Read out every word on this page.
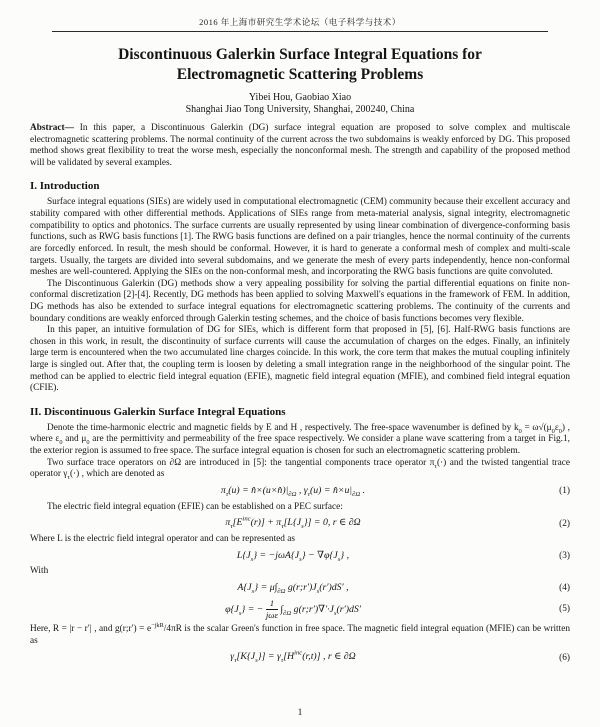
2016 年上海市研究生学术论坛（电子科学与技术）
Discontinuous Galerkin Surface Integral Equations for
Electromagnetic Scattering Problems

Yibei Hou, Gaobiao Xiao

Shanghai Jiao Tong University, Shanghai, 200240, China

Abstract— In this paper, a Discontinuous Galerkin (DG) surface integral equation are proposed to solve complex and multiscale electromagnetic scattering problems. The normal continuity of the current across the two subdomains is weakly enforced by DG. This proposed method shows great flexibility to treat the worse mesh, especially the nonconformal mesh. The strength and capability of the proposed method will be validated by several examples.

I. Introduction

Surface integral equations (SIEs) are widely used in computational electromagnetic (CEM) community because their excellent accuracy and stability compared with other differential methods. Applications of SIEs range from meta-material analysis, signal integrity, electromagnetic compatibility to optics and photonics. The surface currents are usually represented by using linear combination of divergence-conforming basis functions, such as RWG basis functions [1]. The RWG basis functions are defined on a pair triangles, hence the normal continuity of the currents are forcedly enforced. In result, the mesh should be conformal. However, it is hard to generate a conformal mesh of complex and multi-scale targets. Usually, the targets are divided into several subdomains, and we generate the mesh of every parts independently, hence non-conformal meshes are well-countered. Applying the SIEs on the non-conformal mesh, and incorporating the RWG basis functions are quite convoluted.

The Discontinuous Galerkin (DG) methods show a very appealing possibility for solving the partial differential equations on finite non-conformal discretization [2]-[4]. Recently, DG methods has been applied to solving Maxwell's equations in the framework of FEM. In addition, DG methods has also be extended to surface integral equations for electromagnetic scattering problems. The continuity of the currents and boundary conditions are weakly enforced through Galerkin testing schemes, and the choice of basis functions becomes very flexible.

In this paper, an intuitive formulation of DG for SIEs, which is different form that proposed in [5], [6]. Half-RWG basis functions are chosen in this work, in result, the discontinuity of surface currents will cause the accumulation of charges on the edges. Finally, an infinitely large term is encountered when the two accumulated line charges coincide. In this work, the core term that makes the mutual coupling infinitely large is singled out. After that, the coupling term is loosen by deleting a small integration range in the neighborhood of the singular point. The method can be applied to electric field integral equation (EFIE), magnetic field integral equation (MFIE), and combined field integral equation (CFIE).

II. Discontinuous Galerkin Surface Integral Equations

Denote the time-harmonic electric and magnetic fields by E and H , respectively. The free-space wavenumber is defined by $k_0 = \omega√(\mu_0\varepsilon_0)$ , where $\varepsilon_0$ and $\mu_0$ are the permittivity and permeability of the free space respectively. We consider a plane wave scattering from a target in Fig.1, the exterior region is assumed to free space. The surface integral equation is chosen for such an electromagnetic scattering problem.

Two surface trace operators on ∂Ω are introduced in [5]: the tangential components trace operator $\pi_\tau(\cdot)$ and the twisted tangential trace operator $\gamma_\tau(\cdot)$ , which are denoted as

$\pi_\tau(u)$ = $n̂\times(u\times n̂)|_{\partial\Omega}$ , $\gamma_\tau(u)$ = $n̂\times u|_{\partial\Omega}$ .	(1)

The electric field integral equation (EFIE) can be established on a PEC surface:

$\pi_\tau[E^{inc}(r)] + \pi_\tau[L\{J_s\}] = 0$, r ∈ ∂Ω	(2)

Where L is the electric field integral operator and can be represented as

$L\{J_s\} = -j\omega A\{J_s\} - \nabla\varphi\{J_s\}$ ,	(3)

With

$A\{J_s\} = \mu\int_{\partial\Omega}$ $g(r;r')J_s(r')dS'$ ,	(4)
$\varphi\{J_s\}$ = − $\frac{1}{\text{jωε}} \int_{\partial\Omega}$ $g(r;r')\nabla'\cdot J_s(r')dS'$	(5)

Here, R = |r − r′| , and g(r;r′) = $e^{-jkR}/4\pi R$ is the scalar Green's function in free space. The magnetic field integral equation (MFIE) can be written as

$\gamma_\tau[K\{J_s\}] = \gamma_\tau[H^{inc}(r,t)]$ , r ∈ ∂Ω	(6)
1
